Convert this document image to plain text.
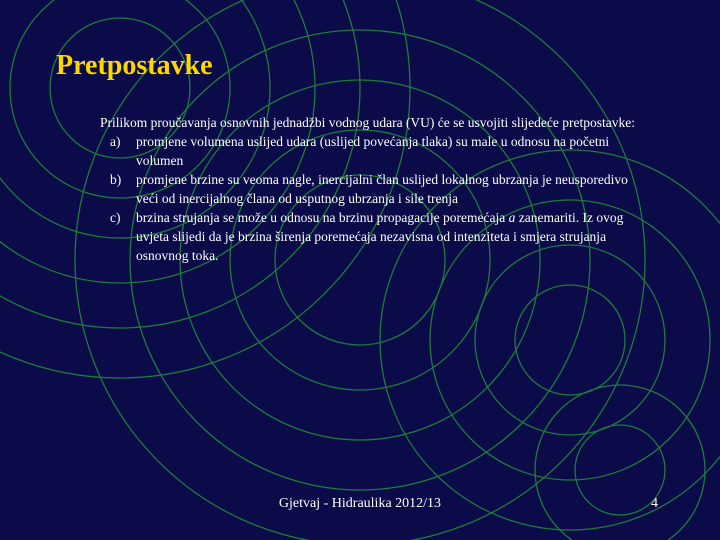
Pretpostavke

Prilikom proučavanja osnovnih jednadžbi vodnog udara (VU) će se usvojiti slijedeće pretpostavke:

a)	promjene volumena uslijed udara (uslijed povećanja tlaka) su male u odnosu na početni volumen
b)	promjene brzine su veoma nagle, inercijalni član uslijed lokalnog ubrzanja je neusporedivo veći od inercijalnog člana od usputnog ubrzanja i sile trenja
c)	brzina strujanja se može u odnosu na brzinu propagacije poremećaja a zanemariti. Iz ovog uvjeta slijedi da je brzina širenja poremećaja nezavisna od intenziteta i smjera strujanja osnovnog toka.
Gjetvaj - Hidraulika 2012/13	4
